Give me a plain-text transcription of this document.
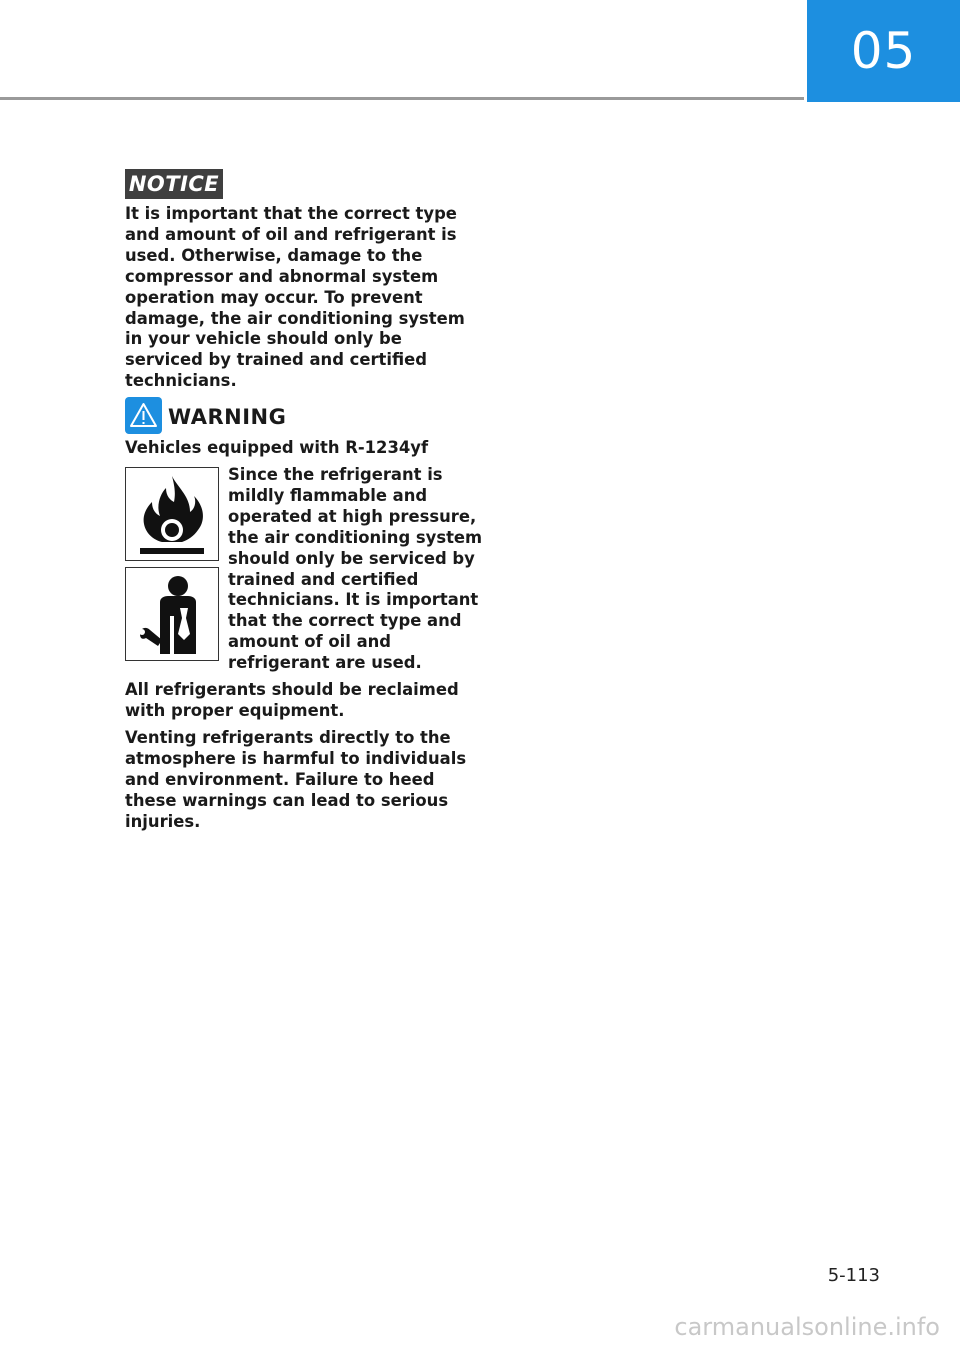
05
NOTICE

It is important that the correct type and amount of oil and refrigerant is used. Otherwise, damage to the compressor and abnormal system operation may occur. To prevent damage, the air conditioning system in your vehicle should only be serviced by trained and certified technicians.

WARNING

Vehicles equipped with R-1234yf

Since the refrigerant is mildly flammable and operated at high pressure, the air conditioning system should only be serviced by trained and certified technicians. It is important that the correct type and amount of oil and refrigerant are used.

All refrigerants should be reclaimed with proper equipment.

Venting refrigerants directly to the atmosphere is harmful to individuals and environment. Failure to heed these warnings can lead to serious injuries.

5-113
carmanualsonline.info
